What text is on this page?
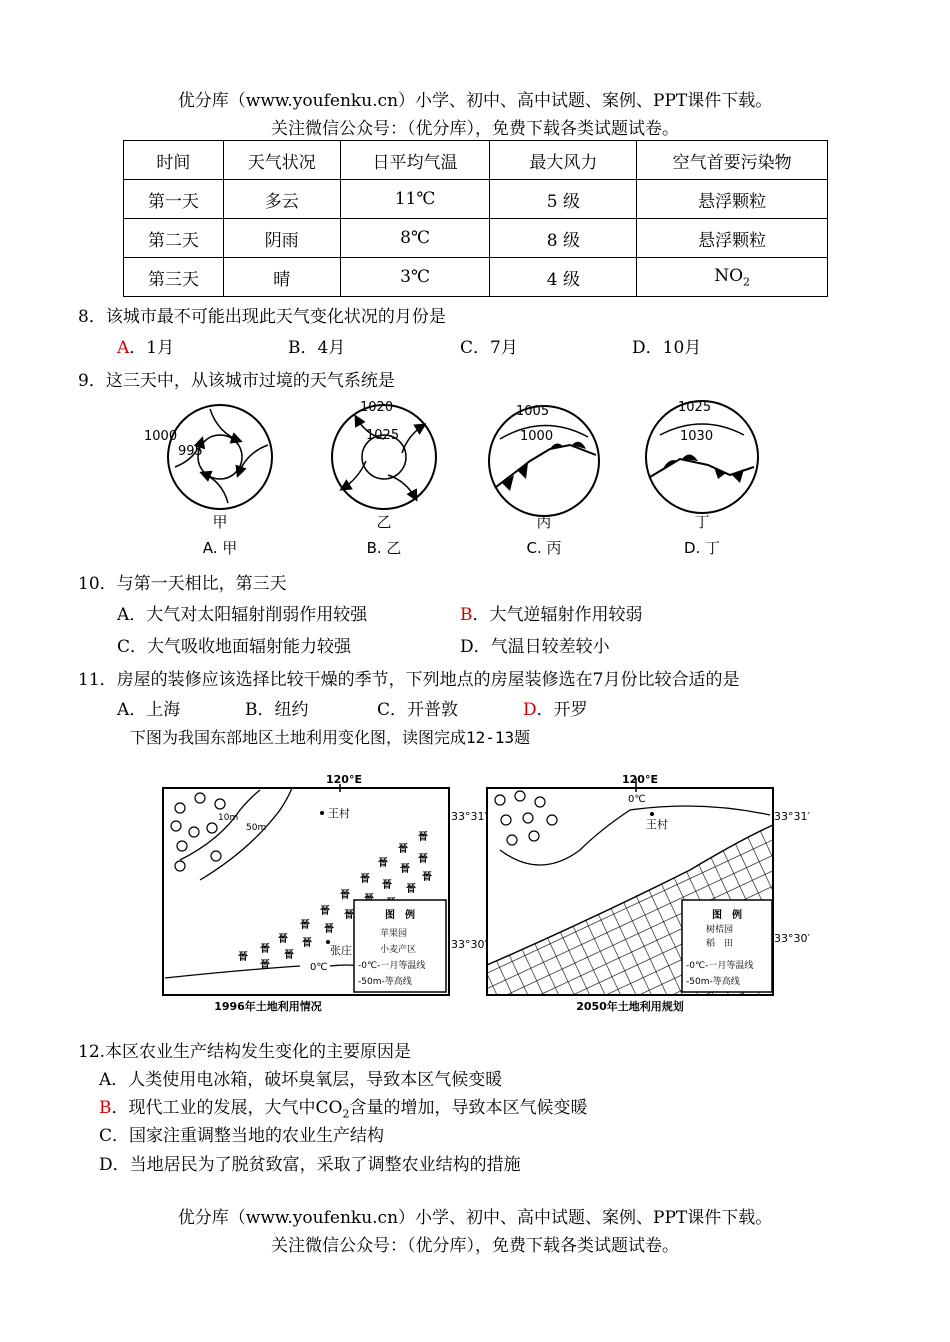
优分库（www.youfenku.cn）小学、初中、高中试题、案例、PPT课件下载。
关注微信公众号：（优分库），免费下载各类试题试卷。
时间	天气状况	日平均气温	最大风力	空气首要污染物
第一天	多云	11℃	5 级	悬浮颗粒
第二天	阴雨	8℃	8 级	悬浮颗粒
第三天	晴	3℃	4 级	$NO_2$
8．该城市最不可能出现此天气变化状况的月份是
A．1月	B．4月	C．7月	D．10月
9．这三天中，从该城市过境的天气系统是
1000
995
甲
A. 甲
1020
1025
乙
B. 乙
1005
1000
丙
C. 丙
1025
1030
丁
D. 丁
10．与第一天相比，第三天
A．大气对太阳辐射削弱作用较强	B．大气逆辐射作用较弱
C．大气吸收地面辐射能力较强	D．气温日较差较小
11．房屋的装修应该选择比较干燥的季节，下列地点的房屋装修选在7月份比较合适的是
A．上海	B．纽约	C．开普敦	D．开罗
下图为我国东部地区土地利用变化图，读图完成12-13题
120°E
33°31′
33°30′
10m
50m
王村
晉
晉
晉
晉
晉
晉
晉
晉 晉
晉
晉 晉
晉 晉
晉 晉
晉
晉
晉
晉
张庄
0℃
图　例
苹果园
小麦产区
-0℃-一月等温线
-50m-等高线
1996年土地利用情况
120°E
33°31′
33°30′
0℃
王村
图　例
树桔园
稻　田
-0℃-一月等温线
-50m-等高线
2050年土地利用规划
12.本区农业生产结构发生变化的主要原因是
A．人类使用电冰箱，破坏臭氧层，导致本区气候变暖
B．现代工业的发展，大气中$CO_2$含量的增加，导致本区气候变暖
C．国家注重调整当地的农业生产结构
D．当地居民为了脱贫致富，采取了调整农业结构的措施
优分库（www.youfenku.cn）小学、初中、高中试题、案例、PPT课件下载。
关注微信公众号：（优分库），免费下载各类试题试卷。
